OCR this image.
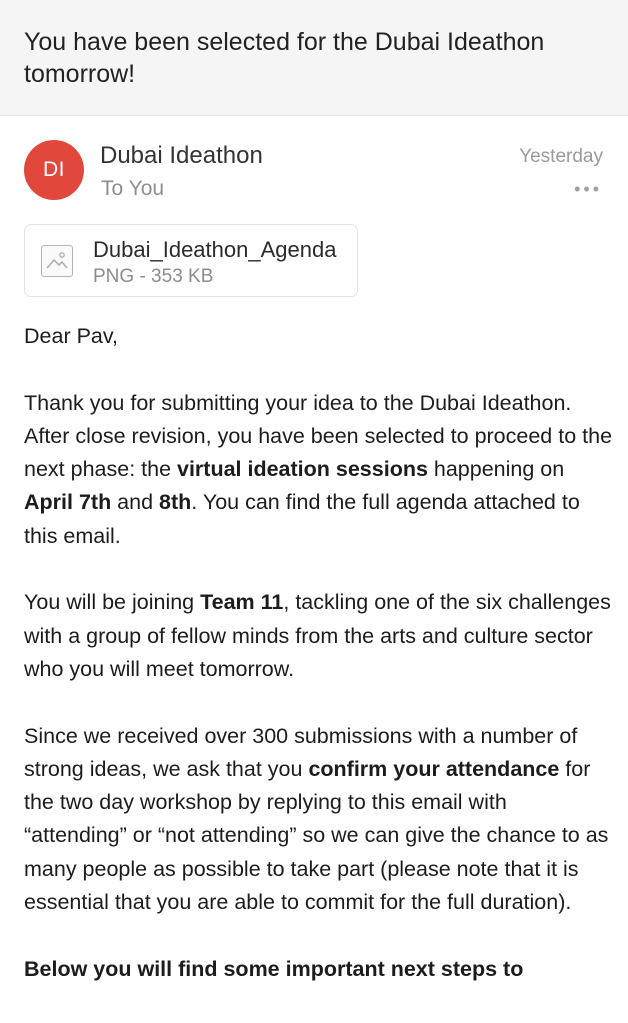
You have been selected for the Dubai Ideathon tomorrow!
DI
Dubai Ideathon
To You
Yesterday
•••
Dubai_Ideathon_Agenda
PNG - 353 KB

Dear Pav,

Thank you for submitting your idea to the Dubai Ideathon. After close revision, you have been selected to proceed to the next phase: the virtual ideation sessions happening on April 7th and 8th. You can find the full agenda attached to this email.

You will be joining Team 11, tackling one of the six challenges with a group of fellow minds from the arts and culture sector who you will meet tomorrow.

Since we received over 300 submissions with a number of strong ideas, we ask that you confirm your attendance for the two day workshop by replying to this email with “attending” or “not attending” so we can give the chance to as many people as possible to take part (please note that it is essential that you are able to commit for the full duration).

Below you will find some important next steps to
